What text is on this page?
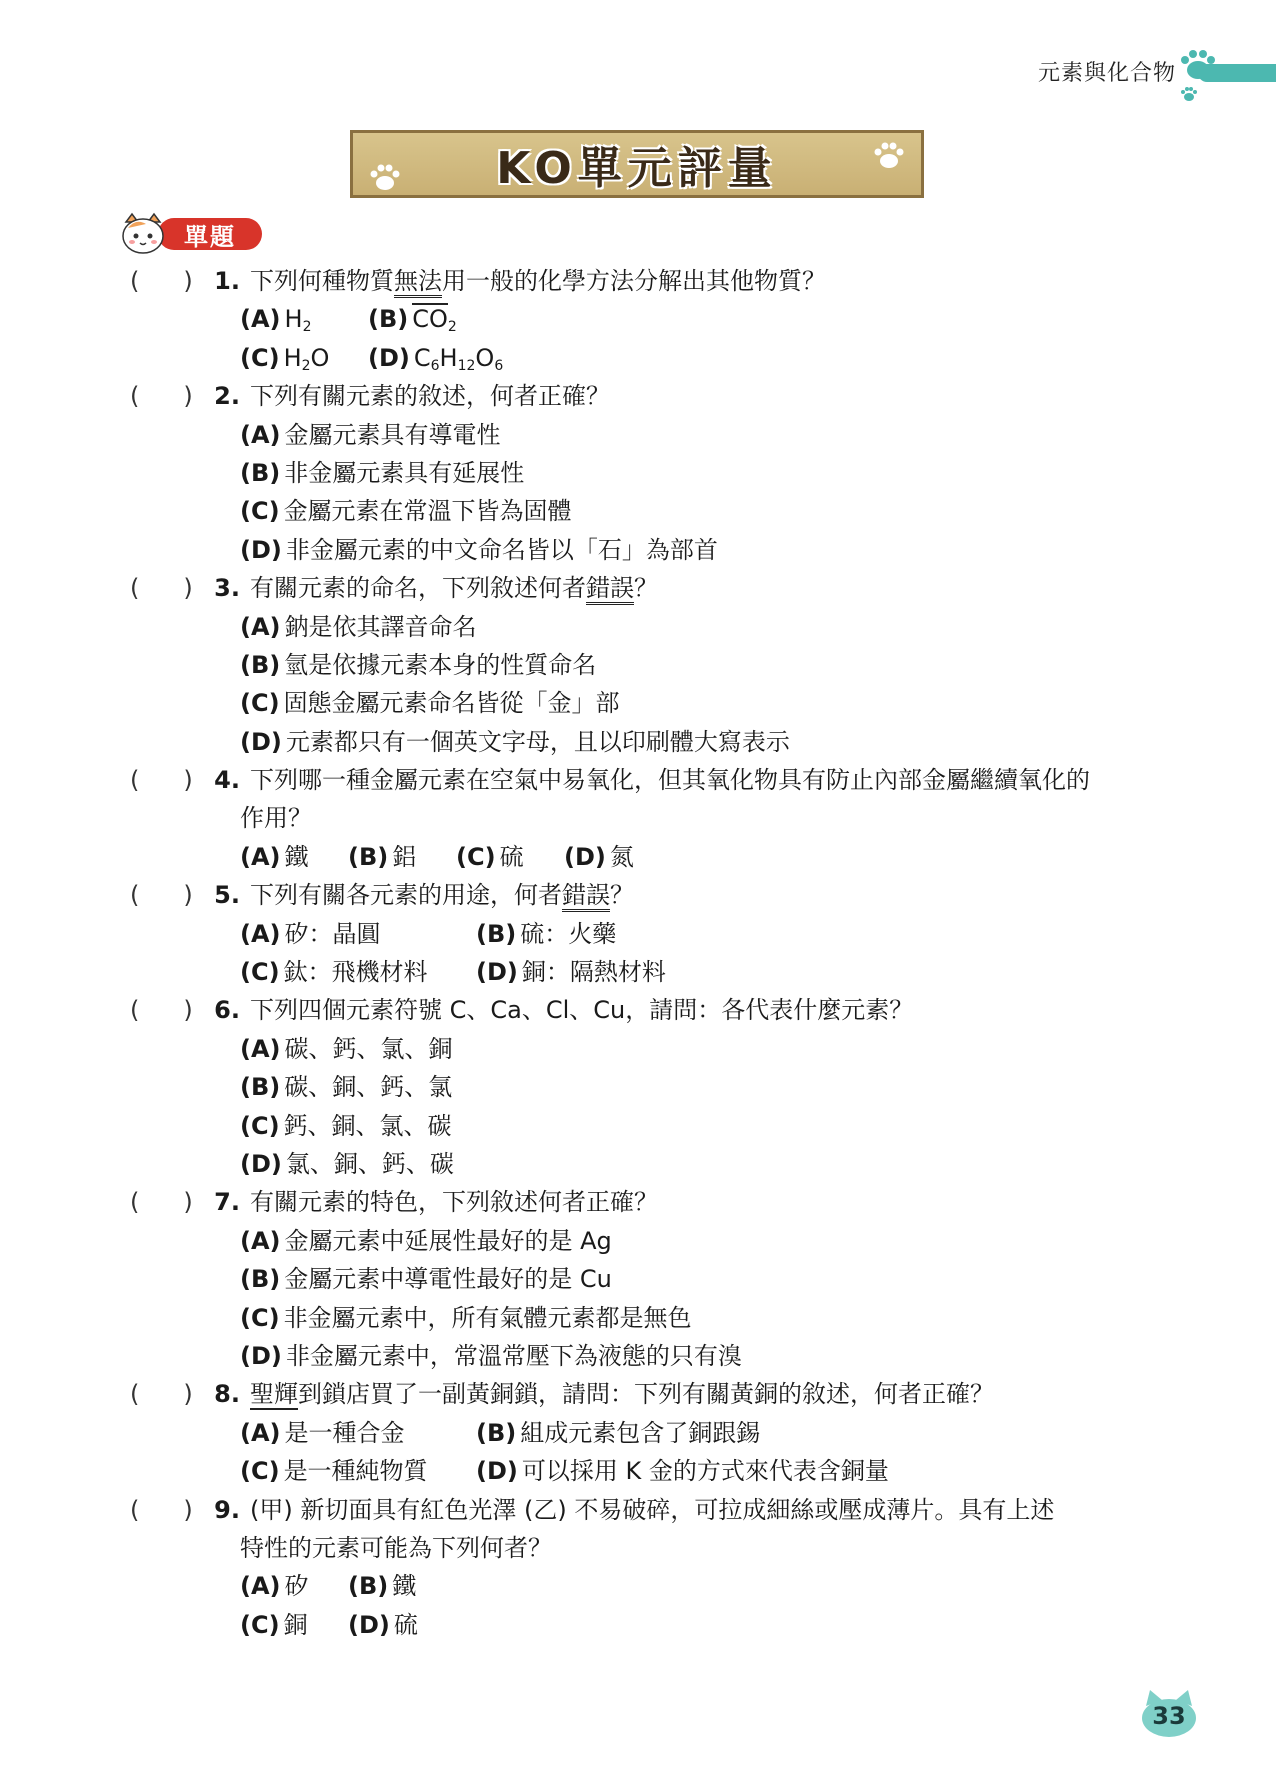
元素與化合物
KO單元評量
單題
( ) 1. 下列何種物質無法用一般的化學方法分解出其他物質？
(A) $H_2$	(B) $CO_2$
(C) $H_2O$	(D) $C_6H_{12}O_6$
( ) 2. 下列有關元素的敘述，何者正確？
(A) 金屬元素具有導電性
(B) 非金屬元素具有延展性
(C) 金屬元素在常溫下皆為固體
(D) 非金屬元素的中文命名皆以「石」為部首
( ) 3. 有關元素的命名，下列敘述何者錯誤？
(A) 鈉是依其譯音命名
(B) 氫是依據元素本身的性質命名
(C) 固態金屬元素命名皆從「金」部
(D) 元素都只有一個英文字母，且以印刷體大寫表示
( ) 4. 下列哪一種金屬元素在空氣中易氧化，但其氧化物具有防止內部金屬繼續氧化的
作用？
(A) 鐵	(B) 鋁	(C) 硫	(D) 氮
( ) 5. 下列有關各元素的用途，何者錯誤？
(A) 矽：晶圓	(B) 硫：火藥
(C) 鈦：飛機材料	(D) 銅：隔熱材料
( ) 6. 下列四個元素符號 C、Ca、Cl、Cu，請問：各代表什麼元素？
(A) 碳、鈣、氯、銅
(B) 碳、銅、鈣、氯
(C) 鈣、銅、氯、碳
(D) 氯、銅、鈣、碳
( ) 7. 有關元素的特色，下列敘述何者正確？
(A) 金屬元素中延展性最好的是 Ag
(B) 金屬元素中導電性最好的是 Cu
(C) 非金屬元素中，所有氣體元素都是無色
(D) 非金屬元素中，常溫常壓下為液態的只有溴
( ) 8. 聖輝到鎖店買了一副黃銅鎖，請問：下列有關黃銅的敘述，何者正確？
(A) 是一種合金	(B) 組成元素包含了銅跟錫
(C) 是一種純物質	(D) 可以採用 K 金的方式來代表含銅量
( ) 9. (甲) 新切面具有紅色光澤 (乙) 不易破碎，可拉成細絲或壓成薄片。具有上述
特性的元素可能為下列何者？
(A) 矽	(B) 鐵
(C) 銅	(D) 硫
33
